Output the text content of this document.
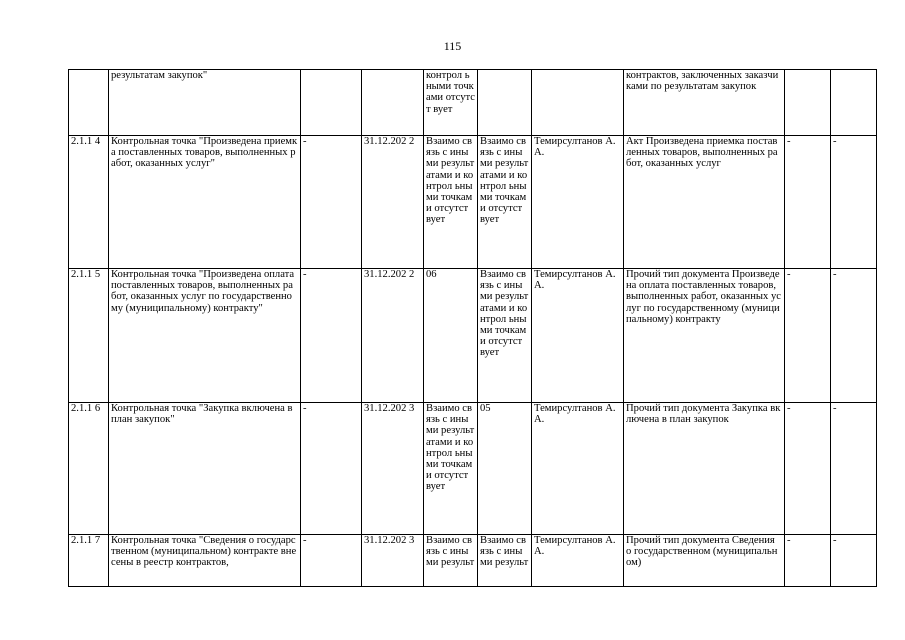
115

	результатам закупок"			контрол ьными точками отсутст вует			контрактов, заключенных заказчиками по результатам закупок		

2.1.1 4	Контрольная точка "Произведена приемка поставленных товаров, выполненных работ, оказанных услуг"	-	31.12.202 2	Взаимо связь с иными результ атами и контрол ьными точками отсутст вует	Взаимо связь с иными результ атами и контрол ьными точками отсутст вует	Темирсултанов А.А.	Акт Произведена приемка поставленных товаров, выполненных работ, оказанных услуг	-	-

2.1.1 5	Контрольная точка "Произведена оплата поставленных товаров, выполненных работ, оказанных услуг по государственному (муниципальному) контракту"	-	31.12.202 2	06	Взаимо связь с иными результ атами и контрол ьными точками отсутст вует	Темирсултанов А.А.	Прочий тип документа Произведена оплата поставленных товаров, выполненных работ, оказанных услуг по государственному (муниципальному) контракту	-	-

2.1.1 6	Контрольная точка "Закупка включена в план закупок"	-	31.12.202 3	Взаимо связь с иными результ атами и контрол ьными точками отсутст вует	05	Темирсултанов А.А.	Прочий тип документа Закупка включена в план закупок	-	-

2.1.1 7	Контрольная точка "Сведения о государственном (муниципальном) контракте внесены в реестр контрактов,	-	31.12.202 3	Взаимо связь с иными результ	Взаимо связь с иными результ	Темирсултанов А.А.	Прочий тип документа Сведения о государственном (муниципальном)	-	-
